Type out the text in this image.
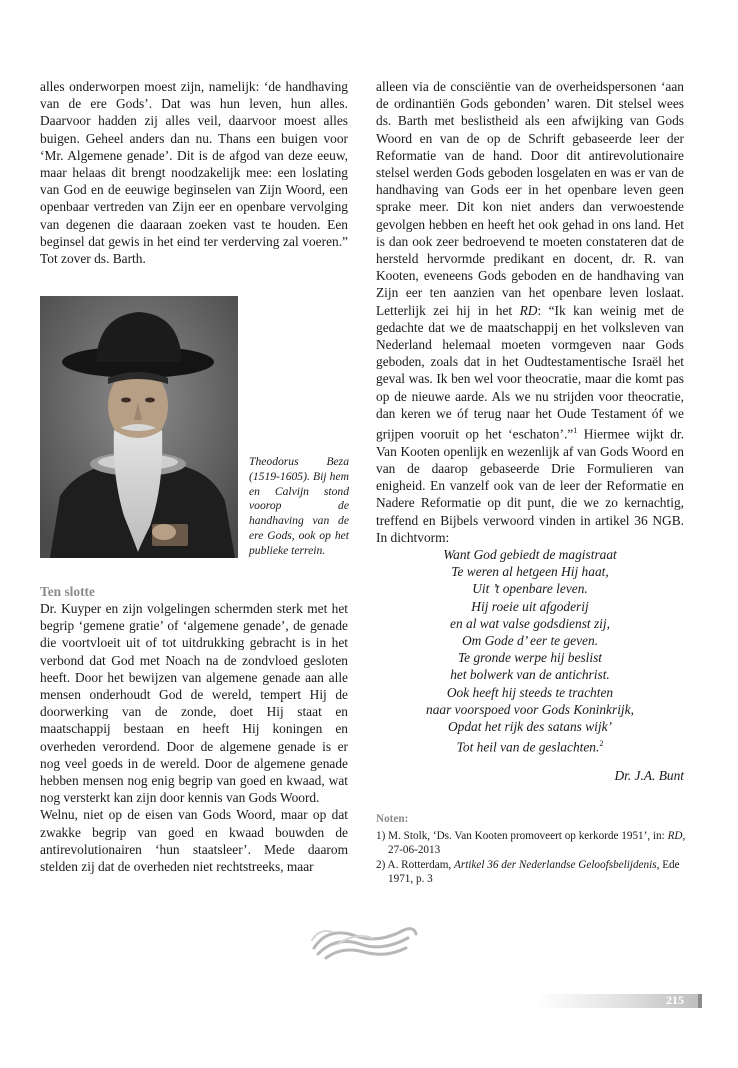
alles onderworpen moest zijn, namelijk: ‘de handhaving van de ere Gods’. Dat was hun leven, hun alles. Daarvoor hadden zij alles veil, daarvoor moest alles buigen. Geheel anders dan nu. Thans een buigen voor ‘Mr. Algemene genade’. Dit is de afgod van deze eeuw, maar helaas dit brengt noodzakelijk mee: een loslating van God en de eeuwige beginselen van Zijn Woord, een openbaar vertreden van Zijn eer en openbare vervolging van degenen die daaraan zoeken vast te houden. Een beginsel dat gewis in het eind ter verderving zal voeren.” Tot zover ds. Barth.

Theodorus Beza (1519-1605). Bij hem en Calvijn stond voorop de handhaving van de ere Gods, ook op het publieke terrein.
Ten slotte

Dr. Kuyper en zijn volgelingen schermden sterk met het begrip ‘gemene gratie’ of ‘algemene genade’, de genade die voortvloeit uit of tot uitdrukking gebracht is in het verbond dat God met Noach na de zondvloed gesloten heeft. Door het bewijzen van algemene genade aan alle mensen onderhoudt God de wereld, tempert Hij de doorwerking van de zonde, doet Hij staat en maatschappij bestaan en heeft Hij koningen en overheden verordend. Door de algemene genade is er nog veel goeds in de wereld. Door de algemene genade hebben mensen nog enig begrip van goed en kwaad, wat nog versterkt kan zijn door kennis van Gods Woord.

Welnu, niet op de eisen van Gods Woord, maar op dat zwakke begrip van goed en kwaad bouwden de antirevolutionairen ‘hun staatsleer’. Mede daarom stelden zij dat de overheden niet rechtstreeks, maar

alleen via de consciëntie van de overheidspersonen ‘aan de ordinantiën Gods gebonden’ waren. Dit stelsel wees ds. Barth met beslistheid als een afwijking van Gods Woord en van de op de Schrift gebaseerde leer der Reformatie van de hand. Door dit antirevolutionaire stelsel werden Gods geboden losgelaten en was er van de handhaving van Gods eer in het openbare leven geen sprake meer. Dit kon niet anders dan verwoestende gevolgen hebben en heeft het ook gehad in ons land. Het is dan ook zeer bedroevend te moeten constateren dat de hersteld hervormde predikant en docent, dr. R. van Kooten, eveneens Gods geboden en de handhaving van Zijn eer ten aanzien van het openbare leven loslaat. Letterlijk zei hij in het RD: “Ik kan weinig met de gedachte dat we de maatschappij en het volksleven van Nederland helemaal moeten vormgeven naar Gods geboden, zoals dat in het Oudtestamentische Israël het geval was. Ik ben wel voor theocratie, maar die komt pas op de nieuwe aarde. Als we nu strijden voor theocratie, dan keren we óf terug naar het Oude Testament óf we grijpen vooruit op het ‘eschaton’.”$^1$ Hiermee wijkt dr. Van Kooten openlijk en wezenlijk af van Gods Woord en van de daarop gebaseerde Drie Formulieren van enigheid. En vanzelf ook van de leer der Reformatie en Nadere Reformatie op dit punt, die we zo kernachtig, treffend en Bijbels verwoord vinden in artikel 36 NGB. In dichtvorm:

Want God gebiedt de magistraat
Te weren al hetgeen Hij haat,
Uit ’t openbare leven.
Hij roeie uit afgoderij
en al wat valse godsdienst zij,
Om Gode d’ eer te geven.
Te gronde werpe hij beslist
het bolwerk van de antichrist.
Ook heeft hij steeds te trachten
naar voorspoed voor Gods Koninkrijk,
Opdat het rijk des satans wijk’
Tot heil van de geslachten.$^2$
Dr. J.A. Bunt
Noten:
1) M. Stolk, ‘Ds. Van Kooten promoveert op kerkorde 1951’, in: RD, 27-06-2013
2) A. Rotterdam, Artikel 36 der Nederlandse Geloofsbelijdenis, Ede 1971, p. 3
215
